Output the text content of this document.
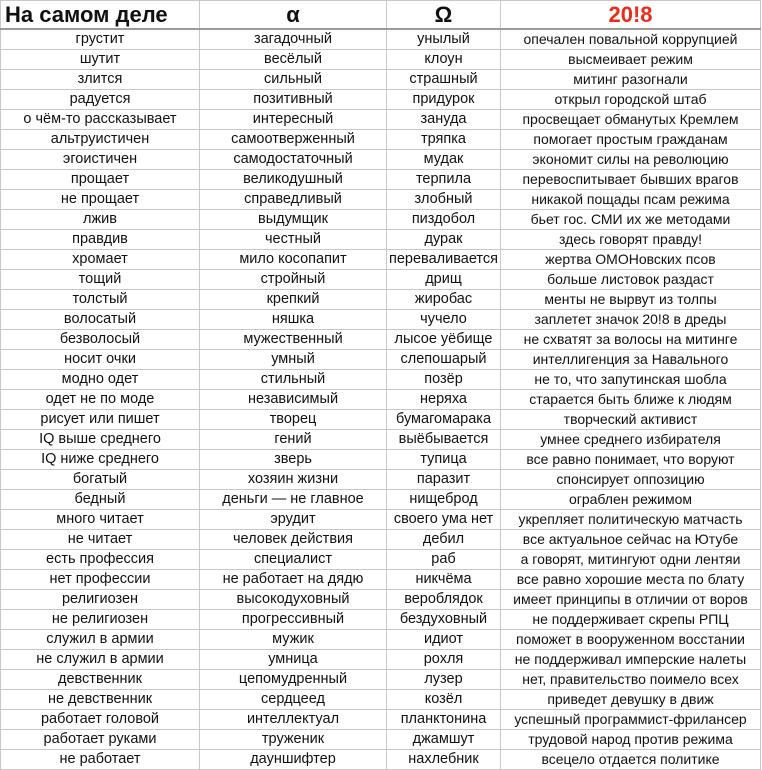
На самом деле	α	Ω	20!8
грустит	загадочный	унылый	опечален повальной коррупцией
шутит	весёлый	клоун	высмеивает режим
злится	сильный	страшный	митинг разогнали
радуется	позитивный	придурок	открыл городской штаб
о чём-то рассказывает	интересный	зануда	просвещает обманутых Кремлем
альтруистичен	самоотверженный	тряпка	помогает простым гражданам
эгоистичен	самодостаточный	мудак	экономит силы на революцию
прощает	великодушный	терпила	перевоспитывает бывших врагов
не прощает	справедливый	злобный	никакой пощады псам режима
лжив	выдумщик	пиздобол	бьет гос. СМИ их же методами
правдив	честный	дурак	здесь говорят правду!
хромает	мило косопапит	переваливается	жертва ОМОНовских псов
тощий	стройный	дрищ	больше листовок раздаст
толстый	крепкий	жиробас	менты не вырвут из толпы
волосатый	няшка	чучело	заплетет значок 20!8 в дреды
безволосый	мужественный	лысое уёбище	не схватят за волосы на митинге
носит очки	умный	слепошарый	интеллигенция за Навального
модно одет	стильный	позёр	не то, что запутинская шобла
одет не по моде	независимый	неряха	старается быть ближе к людям
рисует или пишет	творец	бумагомарака	творческий активист
IQ выше среднего	гений	выёбывается	умнее среднего избирателя
IQ ниже среднего	зверь	тупица	все равно понимает, что воруют
богатый	хозяин жизни	паразит	спонсирует оппозицию
бедный	деньги — не главное	нищеброд	ограблен режимом
много читает	эрудит	своего ума нет	укрепляет политическую матчасть
не читает	человек действия	дебил	все актуальное сейчас на Ютубе
есть профессия	специалист	раб	а говорят, митингуют одни лентяи
нет профессии	не работает на дядю	никчёма	все равно хорошие места по блату
религиозен	высокодуховный	вероблядок	имеет принципы в отличии от воров
не религиозен	прогрессивный	бездуховный	не поддерживает скрепы РПЦ
служил в армии	мужик	идиот	поможет в вооруженном восстании
не служил в армии	умница	рохля	не поддерживал имперские налеты
девственник	цепомудренный	лузер	нет, правительство поимело всех
не девственник	сердцеед	козёл	приведет девушку в движ
работает головой	интеллектуал	планктонина	успешный программист-фрилансер
работает руками	труженик	джамшут	трудовой народ против режима
не работает	дауншифтер	нахлебник	всецело отдается политике
